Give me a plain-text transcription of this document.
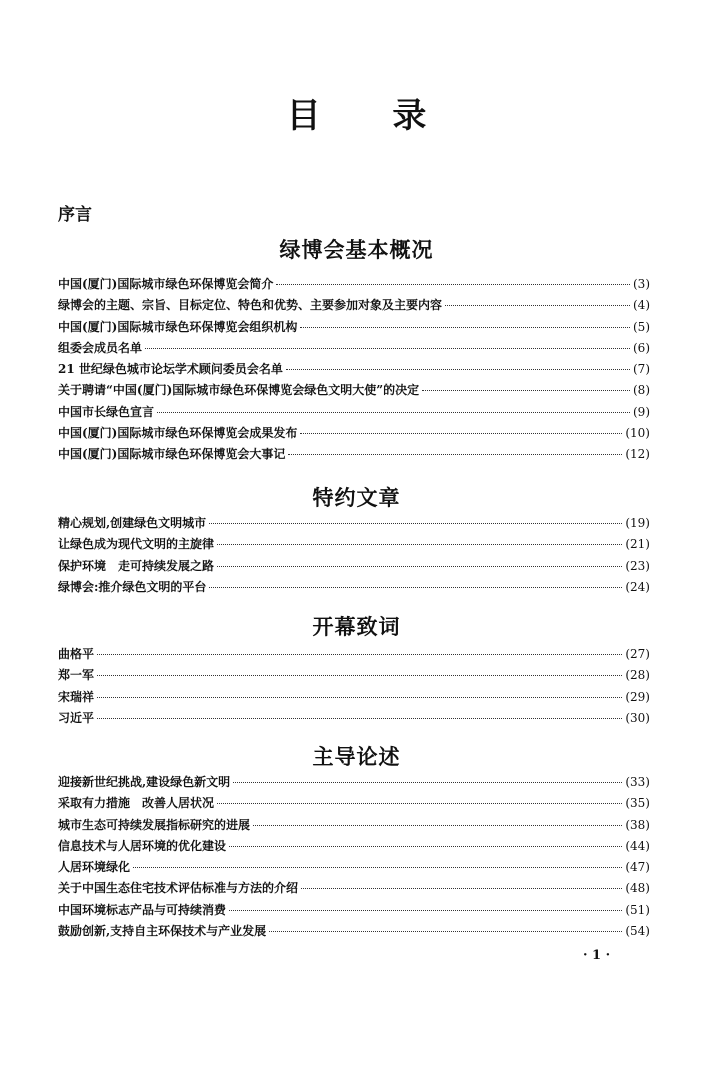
目 录
序言
绿博会基本概况
中国(厦门)国际城市绿色环保博览会简介	(3)
绿博会的主题、宗旨、目标定位、特色和优势、主要参加对象及主要内容	(4)
中国(厦门)国际城市绿色环保博览会组织机构	(5)
组委会成员名单	(6)
21 世纪绿色城市论坛学术顾问委员会名单	(7)
关于聘请“中国(厦门)国际城市绿色环保博览会绿色文明大使”的决定	(8)
中国市长绿色宣言	(9)
中国(厦门)国际城市绿色环保博览会成果发布	(10)
中国(厦门)国际城市绿色环保博览会大事记	(12)
特约文章
精心规划,创建绿色文明城市	(19)
让绿色成为现代文明的主旋律	(21)
保护环境　走可持续发展之路	(23)
绿博会:推介绿色文明的平台	(24)
开幕致词
曲格平	(27)
郑一军	(28)
宋瑞祥	(29)
习近平	(30)
主导论述
迎接新世纪挑战,建设绿色新文明	(33)
采取有力措施　改善人居状况	(35)
城市生态可持续发展指标研究的进展	(38)
信息技术与人居环境的优化建设	(44)
人居环境绿化	(47)
关于中国生态住宅技术评估标准与方法的介绍	(48)
中国环境标志产品与可持续消费	(51)
鼓励创新,支持自主环保技术与产业发展	(54)
· 1 ·
